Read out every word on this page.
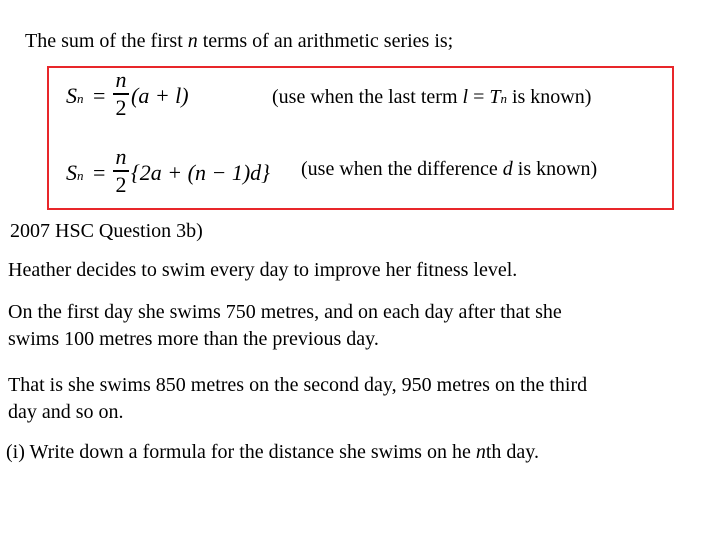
The sum of the first n terms of an arithmetic series is;
Sn =
n
2 (a + l)	(use when the last term l = Tn is known)
Sn =
n
2 {2a + (n − 1)d} (use when the difference d is known)
2007 HSC Question 3b)
Heather decides to swim every day to improve her fitness level.
On the first day she swims 750 metres, and on each day after that she
swims 100 metres more than the previous day.
That is she swims 850 metres on the second day, 950 metres on the third
day and so on.
(i) Write down a formula for the distance she swims on he nth day.
